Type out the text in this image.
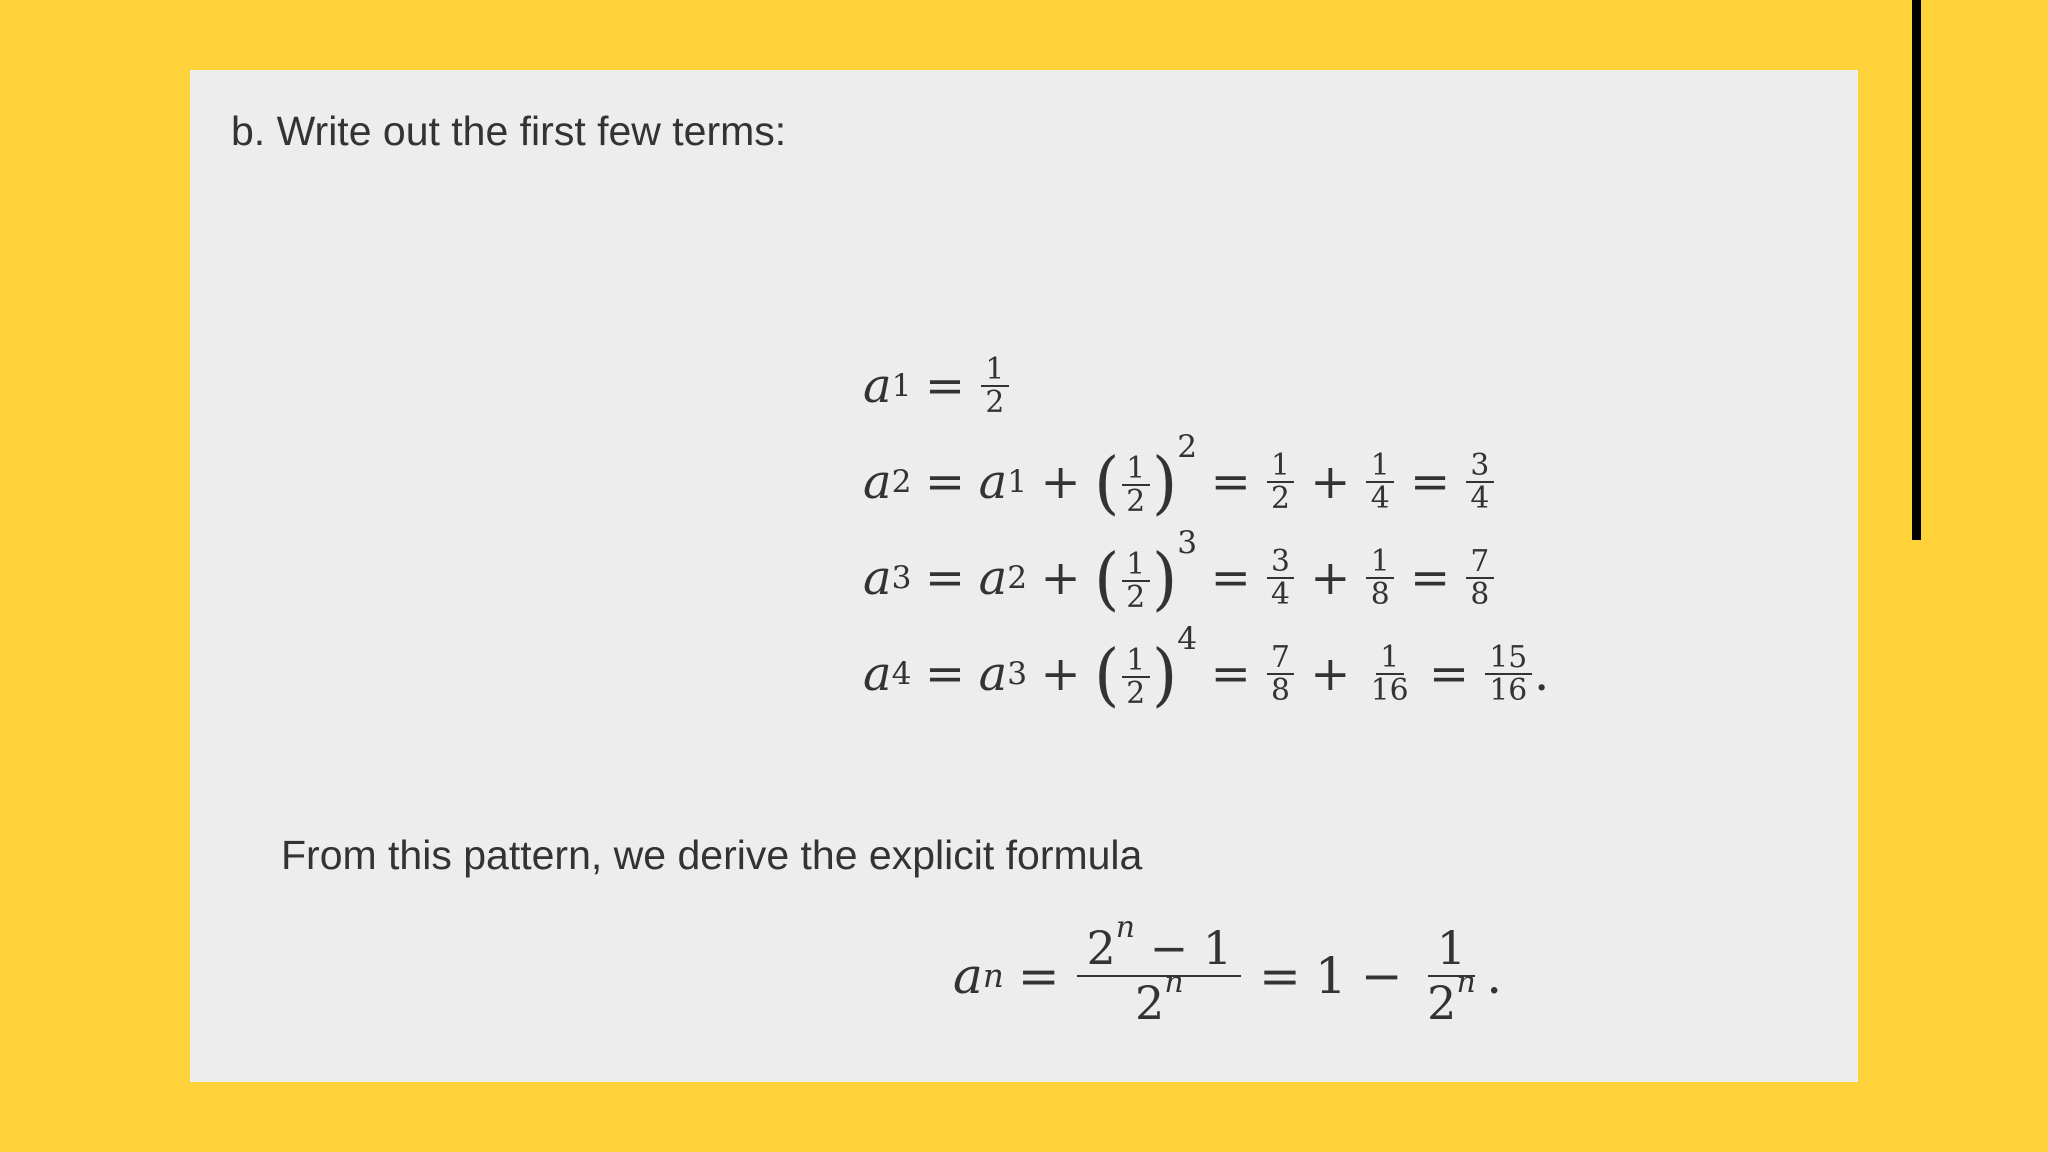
b. Write out the first few terms:

a $1 = \frac{1}{2}$
a 2 = a 1 + ( $\frac{1}{2} )^2$
= $\frac{1}{2} + \frac{1}{4} = \frac{3}{4}$
a 3 = a 2 + ( $\frac{1}{2} )^3$
= $\frac{3}{4} + \frac{1}{8} = \frac{7}{8}$
a 4 = a 3 + ( $\frac{1}{2} )^4$
= $\frac{7}{8} + \frac{1}{16} = \frac{15}{16}$ .

From this pattern, we derive the explicit formula

a $n = \frac{2^n - 1}{2^n} = 1 - \frac{1}{2^n}$ .
